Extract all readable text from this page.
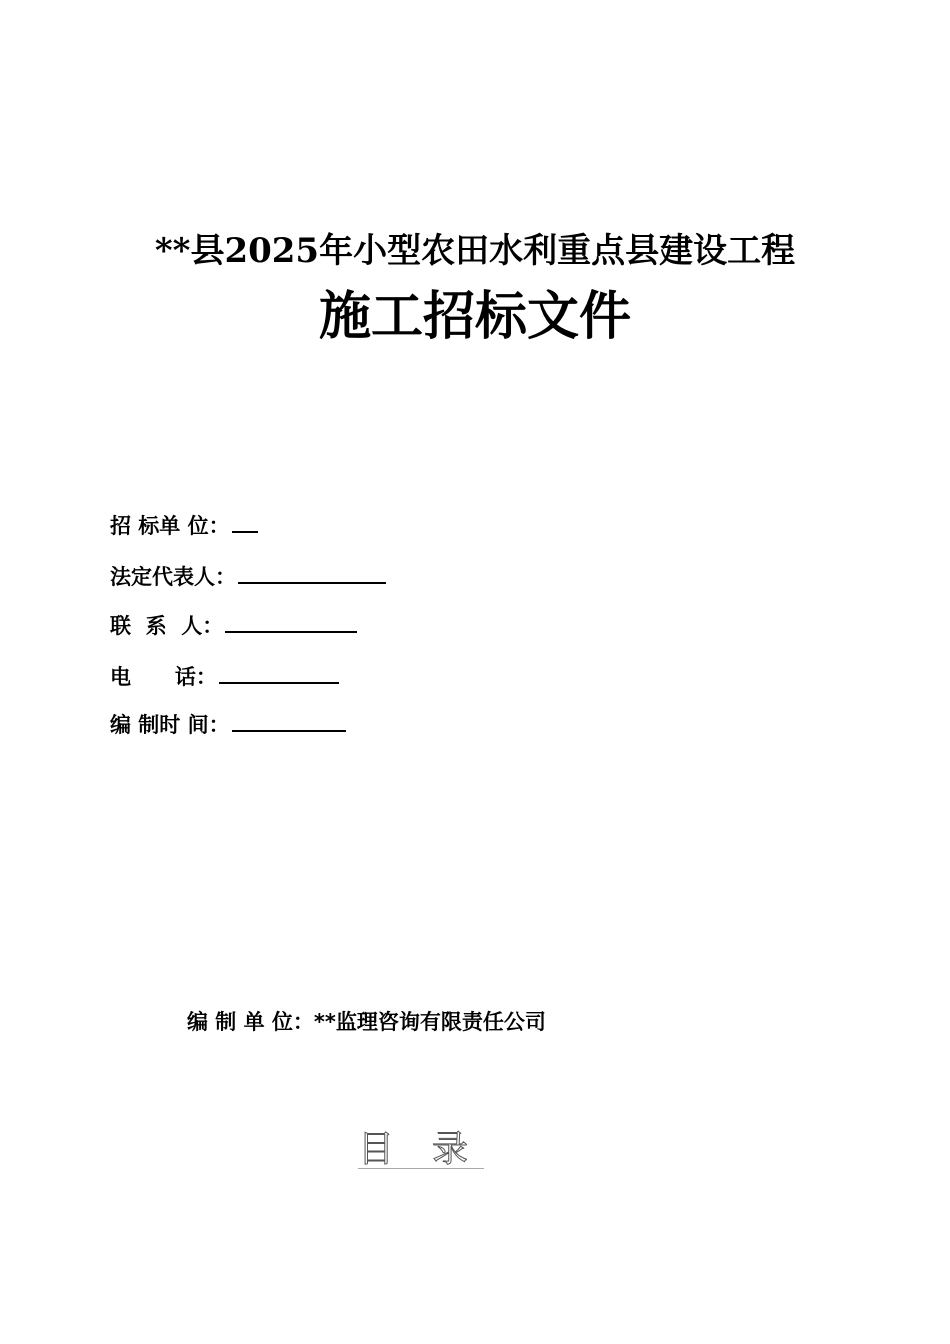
**县2025年小型农田水利重点县建设工程
施工招标文件
招 标单 位：
法定代表人：
联  系  人：
电      话：
编 制时 间：
编 制 单 位：**监理咨询有限责任公司
目 录
